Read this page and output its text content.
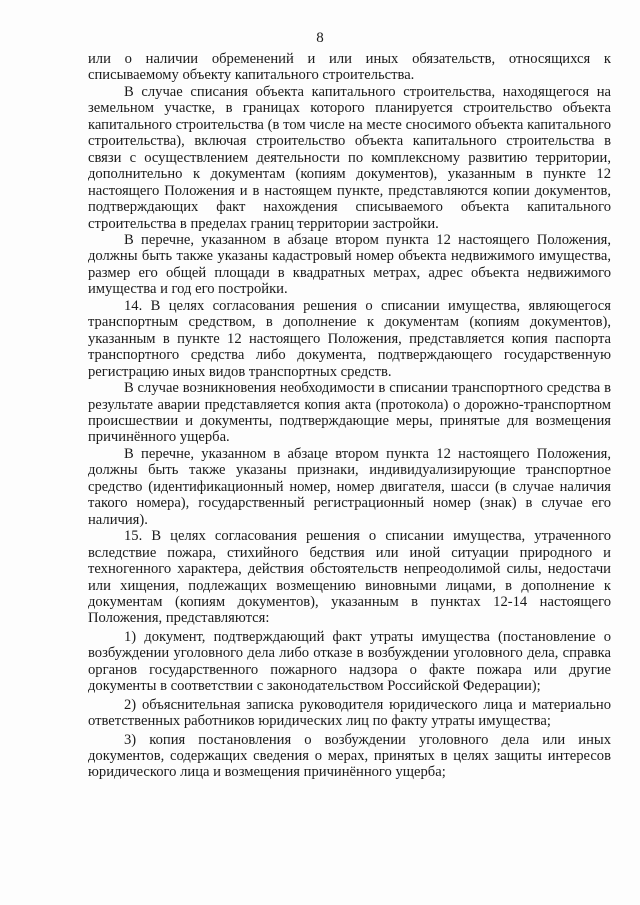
8

или о наличии обременений и или иных обязательств, относящихся к списываемому объекту капитального строительства.

В случае списания объекта капитального строительства, находящегося на земельном участке, в границах которого планируется строительство объекта капитального строительства (в том числе на месте сносимого объекта капитального строительства), включая строительство объекта капитального строительства в связи с осуществлением деятельности по комплексному развитию территории, дополнительно к документам (копиям документов), указанным в пункте 12 настоящего Положения и в настоящем пункте, представляются копии документов, подтверждающих факт нахождения списываемого объекта капитального строительства в пределах границ территории застройки.

В перечне, указанном в абзаце втором пункта 12 настоящего Положения, должны быть также указаны кадастровый номер объекта недвижимого имущества, размер его общей площади в квадратных метрах, адрес объекта недвижимого имущества и год его постройки.

14. В целях согласования решения о списании имущества, являющегося транспортным средством, в дополнение к документам (копиям документов), указанным в пункте 12 настоящего Положения, представляется копия паспорта транспортного средства либо документа, подтверждающего государственную регистрацию иных видов транспортных средств.

В случае возникновения необходимости в списании транспортного средства в результате аварии представляется копия акта (протокола) о дорожно-транспортном происшествии и документы, подтверждающие меры, принятые для возмещения причинённого ущерба.

В перечне, указанном в абзаце втором пункта 12 настоящего Положения, должны быть также указаны признаки, индивидуализирующие транспортное средство (идентификационный номер, номер двигателя, шасси (в случае наличия такого номера), государственный регистрационный номер (знак) в случае его наличия).

15. В целях согласования решения о списании имущества, утраченного вследствие пожара, стихийного бедствия или иной ситуации природного и техногенного характера, действия обстоятельств непреодолимой силы, недостачи или хищения, подлежащих возмещению виновными лицами, в дополнение к документам (копиям документов), указанным в пунктах 12-14 настоящего Положения, представляются:

1) документ, подтверждающий факт утраты имущества (постановление о возбуждении уголовного дела либо отказе в возбуждении уголовного дела, справка органов государственного пожарного надзора о факте пожара или другие документы в соответствии с законодательством Российской Федерации);

2) объяснительная записка руководителя юридического лица и материально ответственных работников юридических лиц по факту утраты имущества;

3) копия постановления о возбуждении уголовного дела или иных документов, содержащих сведения о мерах, принятых в целях защиты интересов юридического лица и возмещения причинённого ущерба;
